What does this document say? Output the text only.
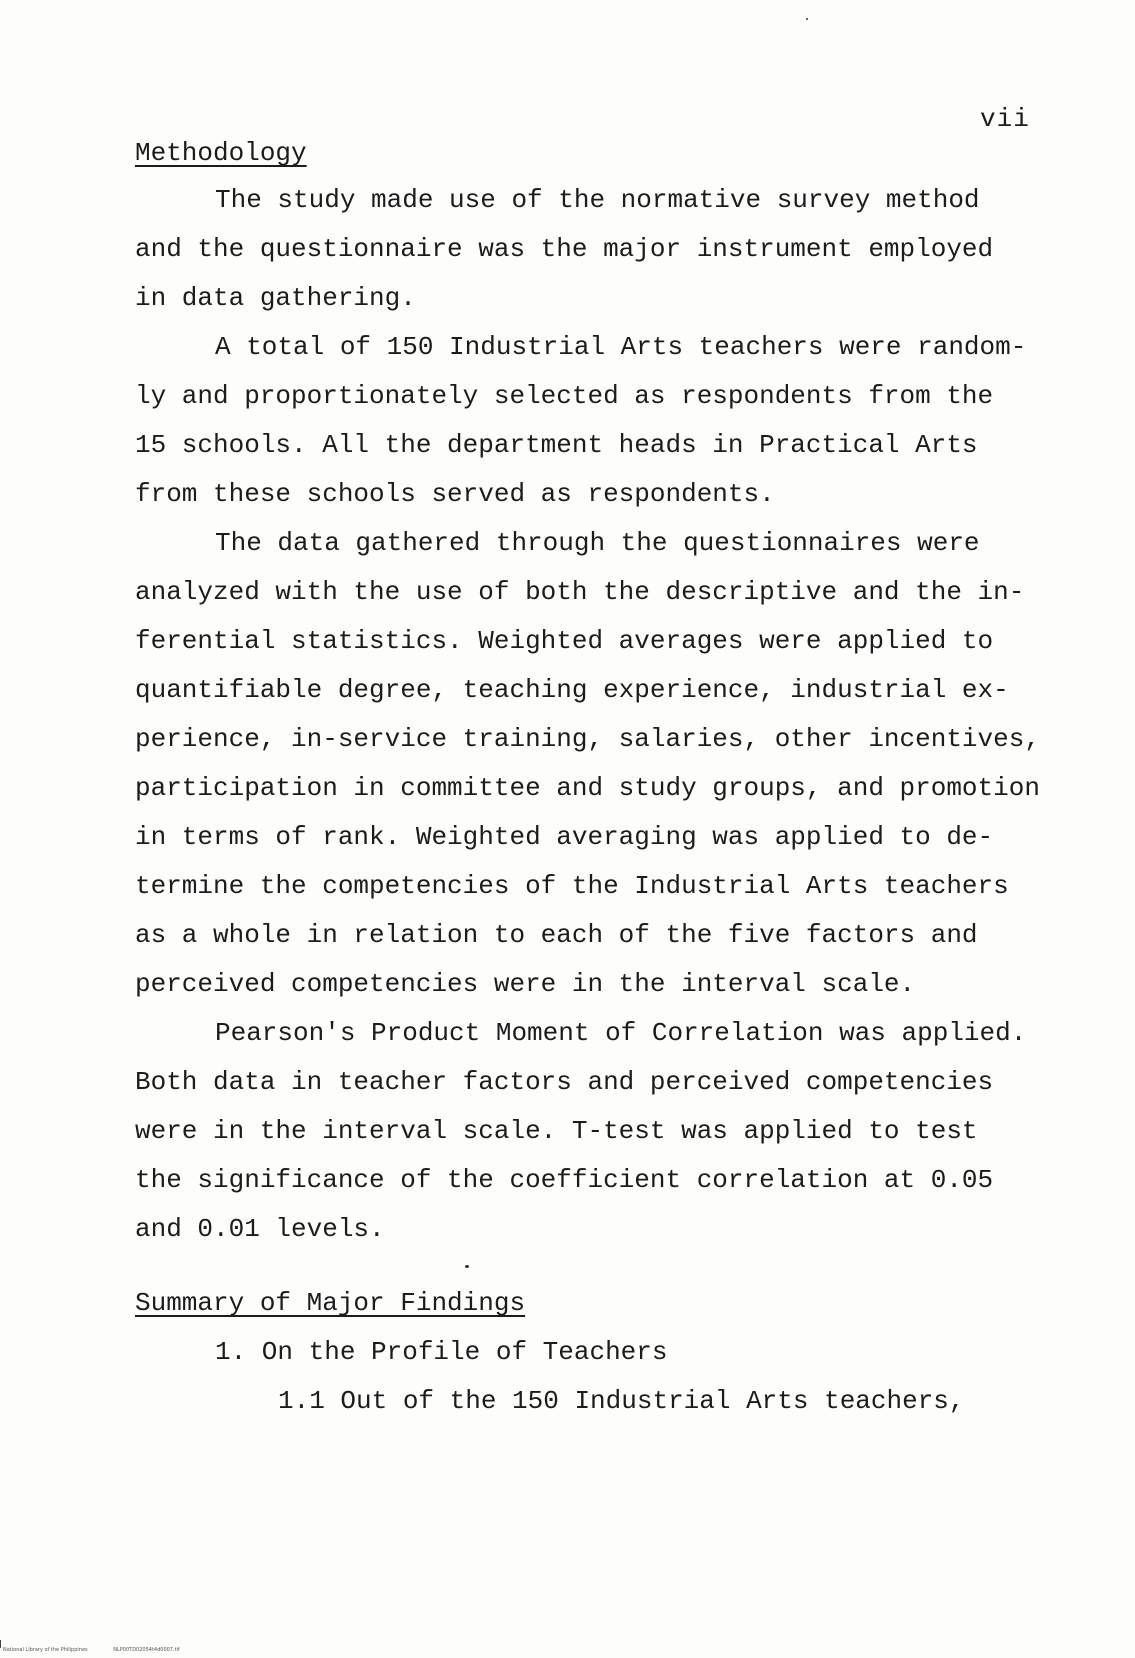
vii
Methodology
The study made use of the normative survey method
and the questionnaire was the major instrument employed
in data gathering.
A total of 150 Industrial Arts teachers were random-
ly and proportionately selected as respondents from the
15 schools. All the department heads in Practical Arts
from these schools served as respondents.
The data gathered through the questionnaires were
analyzed with the use of both the descriptive and the in-
ferential statistics. Weighted averages were applied to
quantifiable degree, teaching experience, industrial ex-
perience, in-service training, salaries, other incentives,
participation in committee and study groups, and promotion
in terms of rank. Weighted averaging was applied to de-
termine the competencies of the Industrial Arts teachers
as a whole in relation to each of the five factors and
perceived competencies were in the interval scale.
Pearson's Product Moment of Correlation was applied.
Both data in teacher factors and perceived competencies
were in the interval scale. T-test was applied to test
the significance of the coefficient correlation at 0.05
and 0.01 levels.
Summary of Major Findings
1. On the Profile of Teachers
1.1 Out of the 150 Industrial Arts teachers,
National Library of the Philippines	NLP00TD02054t4d0007.tif
